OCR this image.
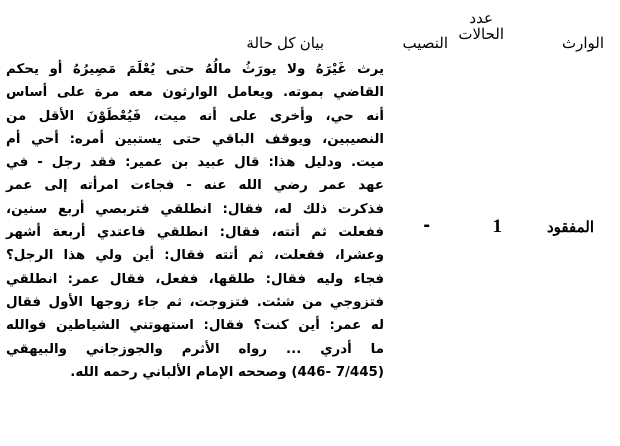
الوارث
عدد
الحالات
النصيب
بيان كل حالة
المفقود
1
-
يرث غَيْرَهُ ولا يورَثُ مالُهُ حتى يُعْلَمَ مَصِيرُهُ أو يحكم
القاضي بموته. ويعامل الوارثون معه مرة على أساس
أنه حي، وأخرى على أنه ميت، فَيُعْطَوْنَ الأقل من
النصيبين، ويوقف الباقي حتى يستبين أمره: أحي أم
ميت. ودليل هذا: قال عبيد بن عمير: فقد رجل - في
عهد عمر رضي الله عنه - فجاءت امرأته إلى عمر
فذكرت ذلك له، فقال: انطلقي فتربصي أربع سنين،
ففعلت ثم أتته، فقال: انطلقي فاعتدي أربعة أشهر
وعشرا، ففعلت، ثم أتته فقال: أين ولي هذا الرجل؟
فجاء وليه فقال: طلقها، ففعل، فقال عمر: انطلقي
فتزوجي من شئت. فتزوجت، ثم جاء زوجها الأول فقال
له عمر: أين كنت؟ فقال: استهوتني الشياطين فوالله
ما أدري ... رواه الأثرم والجوزجاني والبيهقي
(7/445 -446) وصححه الإمام الألباني رحمه الله.
